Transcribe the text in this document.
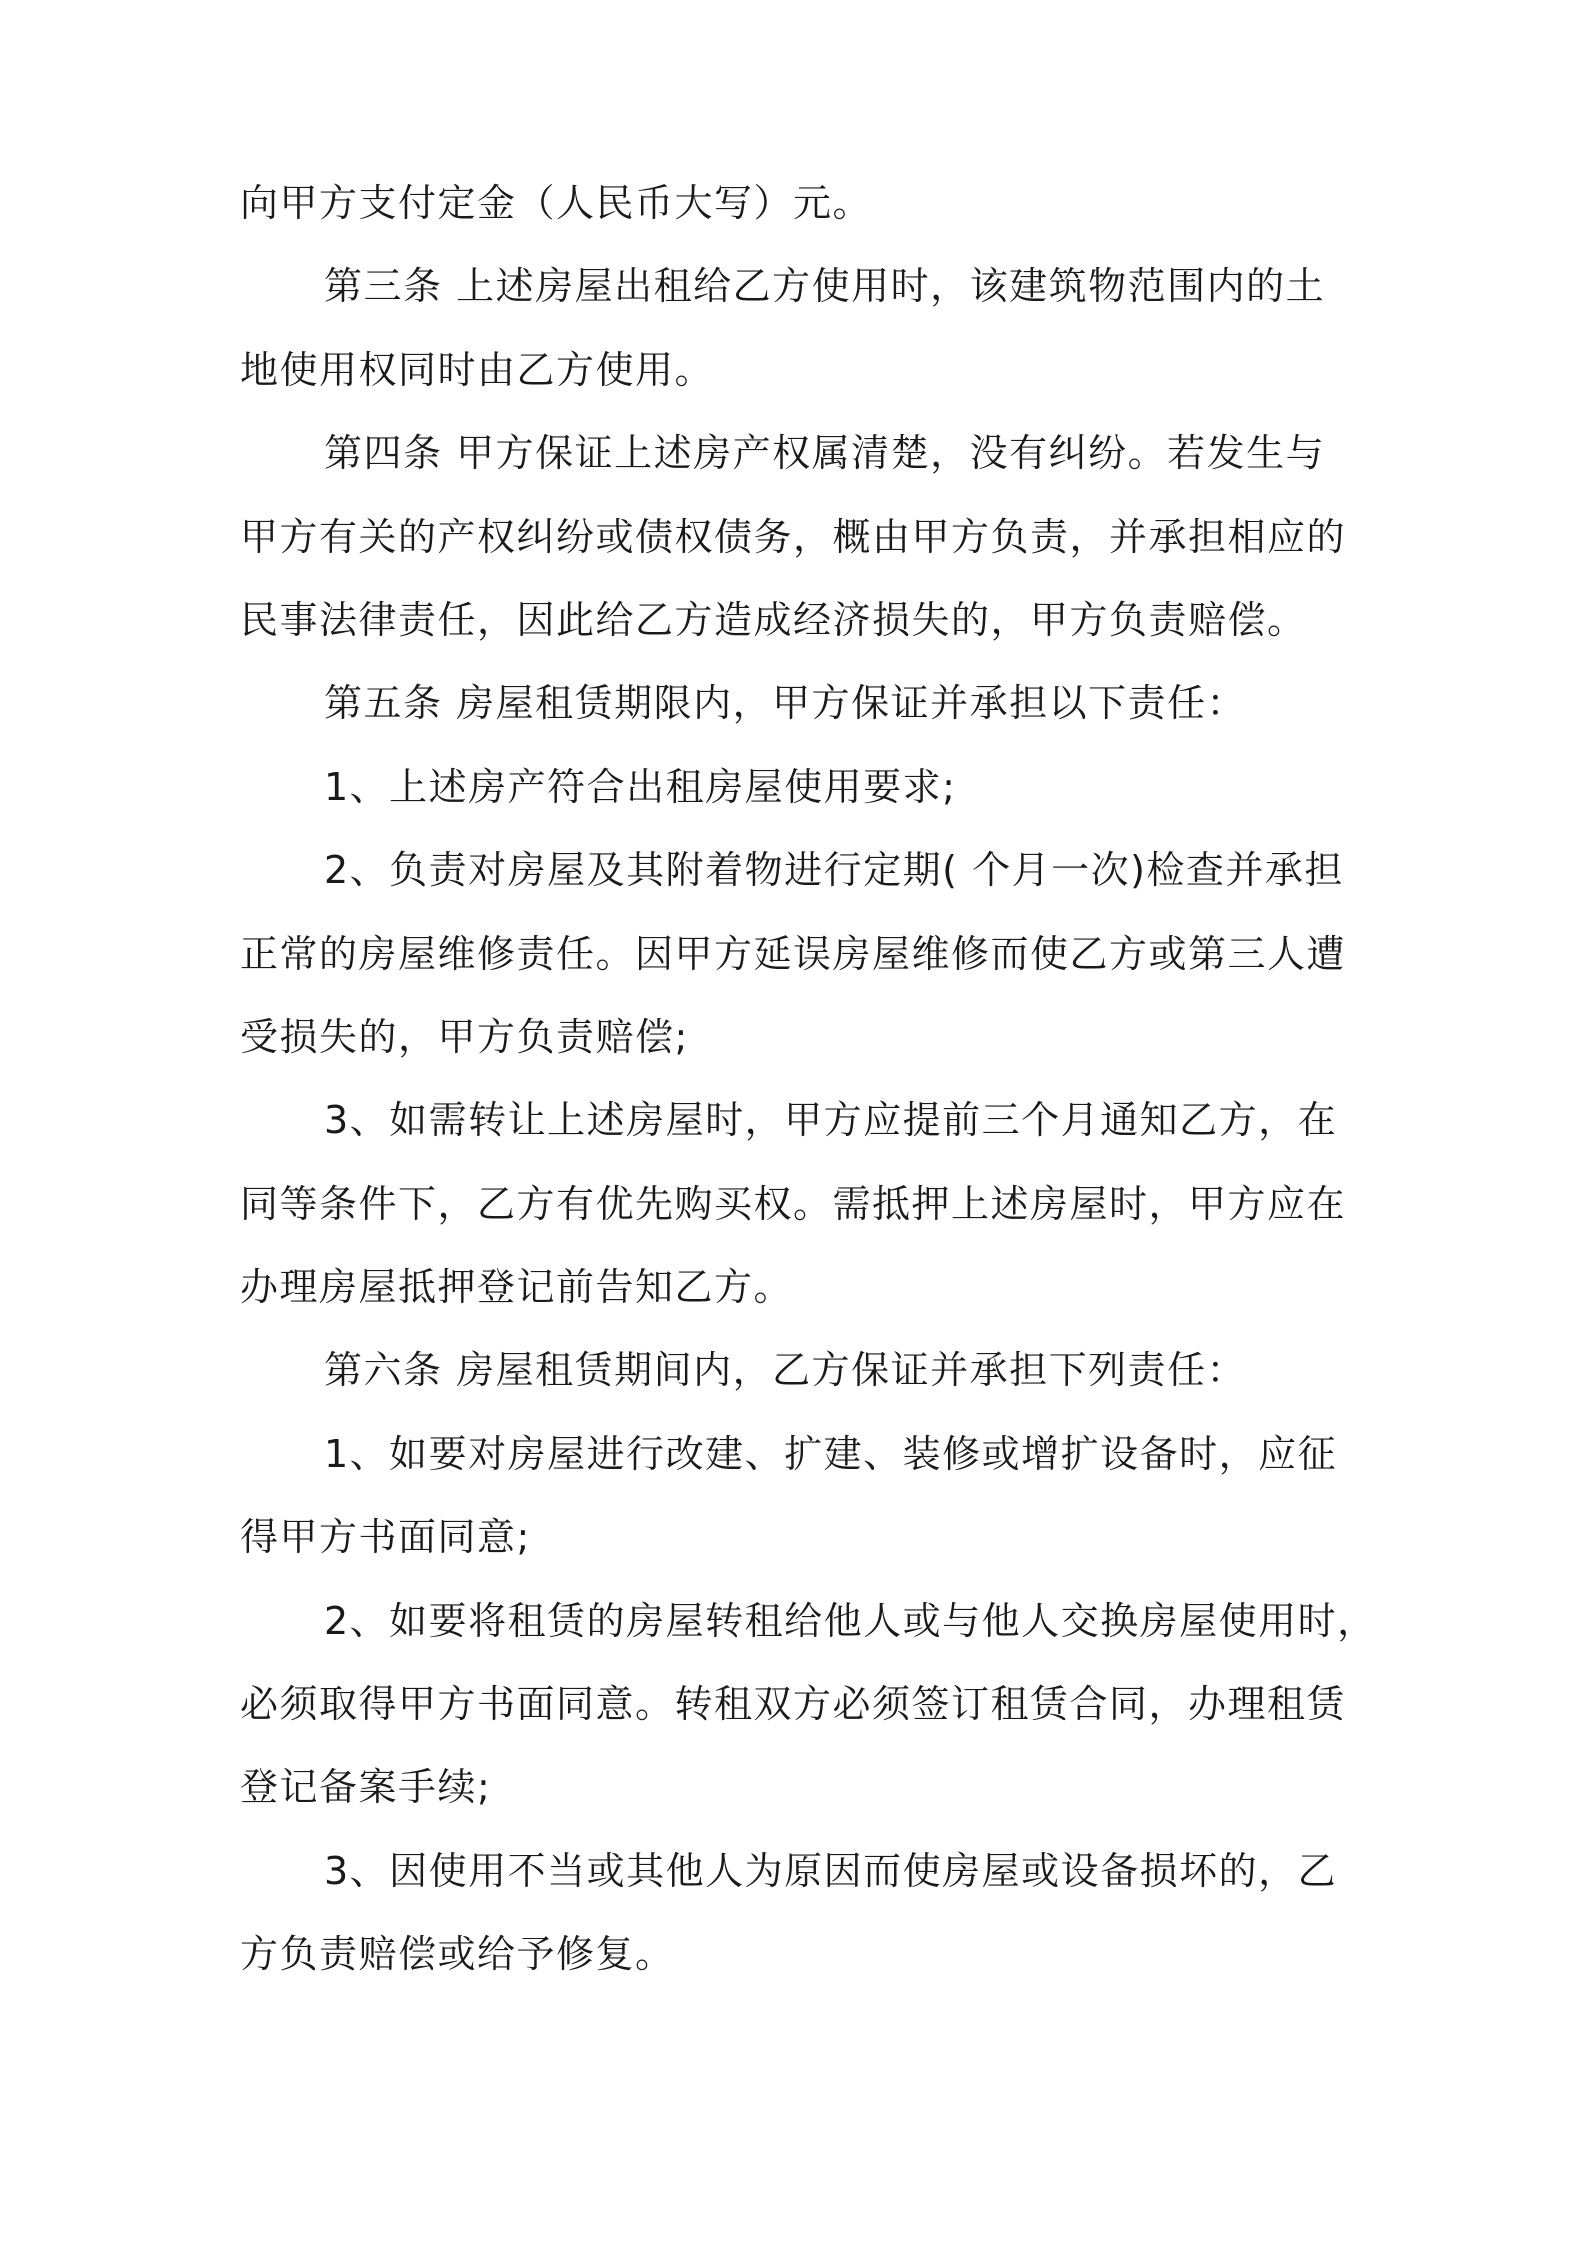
向甲方支付定金（人民币大写）元。
第三条 上述房屋出租给乙方使用时，该建筑物范围内的土
地使用权同时由乙方使用。
第四条 甲方保证上述房产权属清楚，没有纠纷。若发生与
甲方有关的产权纠纷或债权债务，概由甲方负责，并承担相应的
民事法律责任，因此给乙方造成经济损失的，甲方负责赔偿。
第五条 房屋租赁期限内，甲方保证并承担以下责任：
1、上述房产符合出租房屋使用要求;
2、负责对房屋及其附着物进行定期( 个月一次)检查并承担
正常的房屋维修责任。因甲方延误房屋维修而使乙方或第三人遭
受损失的，甲方负责赔偿;
3、如需转让上述房屋时，甲方应提前三个月通知乙方，在
同等条件下，乙方有优先购买权。需抵押上述房屋时，甲方应在
办理房屋抵押登记前告知乙方。
第六条 房屋租赁期间内，乙方保证并承担下列责任：
1、如要对房屋进行改建、扩建、装修或增扩设备时，应征
得甲方书面同意;
2、如要将租赁的房屋转租给他人或与他人交换房屋使用时，
必须取得甲方书面同意。转租双方必须签订租赁合同，办理租赁
登记备案手续;
3、因使用不当或其他人为原因而使房屋或设备损坏的，乙
方负责赔偿或给予修复。
